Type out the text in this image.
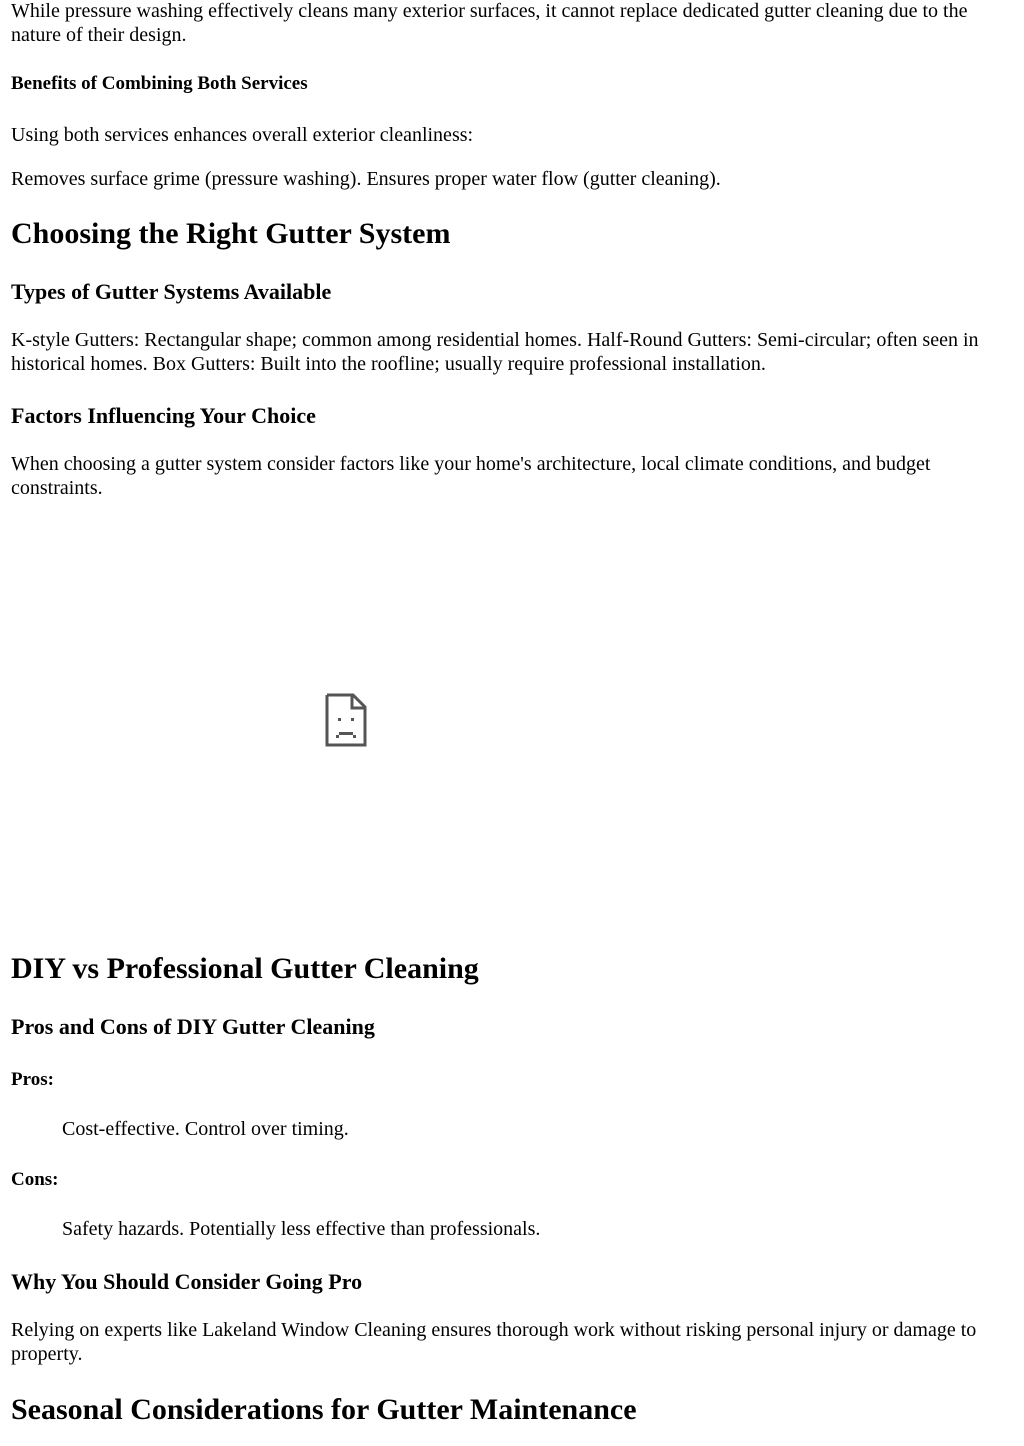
While pressure washing effectively cleans many exterior surfaces, it cannot replace dedicated gutter cleaning due to the nature of their design.

Benefits of Combining Both Services

Using both services enhances overall exterior cleanliness:

Removes surface grime (pressure washing). Ensures proper water flow (gutter cleaning).

Choosing the Right Gutter System
Types of Gutter Systems Available

K-style Gutters: Rectangular shape; common among residential homes. Half-Round Gutters: Semi-circular; often seen in historical homes. Box Gutters: Built into the roofline; usually require professional installation.

Factors Influencing Your Choice

When choosing a gutter system consider factors like your home's architecture, local climate conditions, and budget constraints.

DIY vs Professional Gutter Cleaning
Pros and Cons of DIY Gutter Cleaning
Pros:

Cost-effective. Control over timing.

Cons:

Safety hazards. Potentially less effective than professionals.

Why You Should Consider Going Pro

Relying on experts like Lakeland Window Cleaning ensures thorough work without risking personal injury or damage to property.

Seasonal Considerations for Gutter Maintenance
